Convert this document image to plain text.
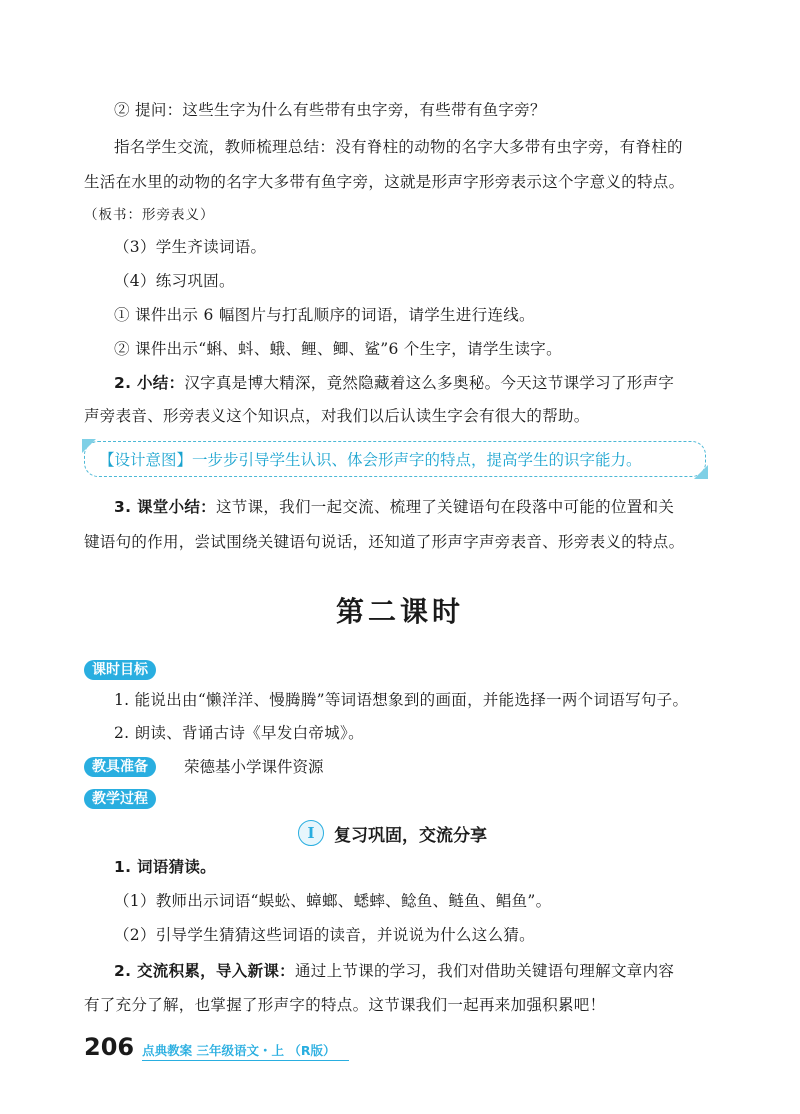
② 提问：这些生字为什么有些带有虫字旁，有些带有鱼字旁？
指名学生交流，教师梳理总结：没有脊柱的动物的名字大多带有虫字旁，有脊柱的
生活在水里的动物的名字大多带有鱼字旁，这就是形声字形旁表示这个字意义的特点。
（板书：形旁表义）
（3）学生齐读词语。
（4）练习巩固。
① 课件出示 6 幅图片与打乱顺序的词语，请学生进行连线。
② 课件出示“蝌、蚪、蛾、鲤、鲫、鲨”6 个生字，请学生读字。
2. 小结：汉字真是博大精深，竟然隐藏着这么多奥秘。今天这节课学习了形声字
声旁表音、形旁表义这个知识点，对我们以后认读生字会有很大的帮助。
【设计意图】一步步引导学生认识、体会形声字的特点，提高学生的识字能力。
3. 课堂小结：这节课，我们一起交流、梳理了关键语句在段落中可能的位置和关
键语句的作用，尝试围绕关键语句说话，还知道了形声字声旁表音、形旁表义的特点。
第二课时
课时目标
1. 能说出由“懒洋洋、慢腾腾”等词语想象到的画面，并能选择一两个词语写句子。
2. 朗读、背诵古诗《早发白帝城》。
教具准备	荣德基小学课件资源
教学过程
I 复习巩固，交流分享
1. 词语猜读。
（1）教师出示词语“蜈蚣、蟑螂、蟋蟀、鲶鱼、鲢鱼、鲳鱼”。
（2）引导学生猜猜这些词语的读音，并说说为什么这么猜。
2. 交流积累，导入新课：通过上节课的学习，我们对借助关键语句理解文章内容
有了充分了解，也掌握了形声字的特点。这节课我们一起再来加强积累吧！
206 点典教案 三年级语文・上 （R版）
